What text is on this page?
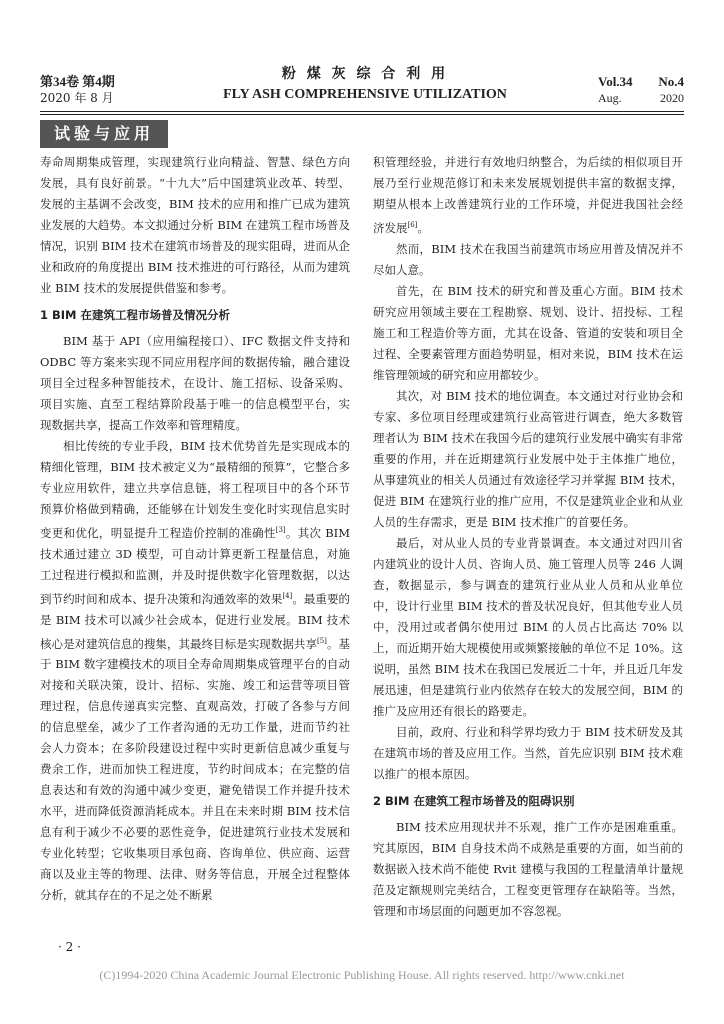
第34卷 第4期
2020 年 8 月
粉 煤 灰 综 合 利 用
FLY ASH COMPREHENSIVE UTILIZATION
Vol.34 No.4
Aug.	2020
试验与应用

寿命周期集成管理，实现建筑行业向精益、智慧、绿色方向发展，具有良好前景。“十九大”后中国建筑业改革、转型、发展的主基调不会改变，BIM 技术的应用和推广已成为建筑业发展的大趋势。本文拟通过分析 BIM 在建筑工程市场普及情况，识别 BIM 技术在建筑市场普及的现实阻碍，进而从企业和政府的角度提出 BIM 技术推进的可行路径，从而为建筑业 BIM 技术的发展提供借鉴和参考。

1 BIM 在建筑工程市场普及情况分析

BIM 基于 API（应用编程接口）、IFC 数据文件支持和 ODBC 等方案来实现不同应用程序间的数据传输，融合建设项目全过程多种智能技术，在设计、施工招标、设备采购、项目实施、直至工程结算阶段基于唯一的信息模型平台，实现数据共享，提高工作效率和管理精度。

相比传统的专业手段，BIM 技术优势首先是实现成本的精细化管理，BIM 技术被定义为“最精细的预算”，它整合多专业应用软件，建立共享信息链，将工程项目中的各个环节预算价格做到精确，还能够在计划发生变化时实现信息实时变更和优化，明显提升工程造价控制的准确性[3]。其次 BIM 技术通过建立 3D 模型，可自动计算更新工程量信息，对施工过程进行模拟和监测，并及时提供数字化管理数据，以达到节约时间和成本、提升决策和沟通效率的效果[4]。最重要的是 BIM 技术可以减少社会成本，促进行业发展。BIM 技术核心是对建筑信息的搜集，其最终目标是实现数据共享[5]。基于 BIM 数字建模技术的项目全寿命周期集成管理平台的自动对接和关联决策，设计、招标、实施、竣工和运营等项目管理过程，信息传递真实完整、直观高效，打破了各参与方间的信息壁垒，减少了工作者沟通的无功工作量，进而节约社会人力资本；在多阶段建设过程中实时更新信息减少重复与费余工作，进而加快工程进度，节约时间成本；在完整的信息表达和有效的沟通中减少变更，避免错误工作并提升技术水平，进而降低资源消耗成本。并且在未来时期 BIM 技术信息有利于减少不必要的恶性竞争，促进建筑行业技术发展和专业化转型；它收集项目承包商、咨询单位、供应商、运营商以及业主等的物理、法律、财务等信息，开展全过程整体分析，就其存在的不足之处不断累

积管理经验，并进行有效地归纳整合，为后续的相似项目开展乃至行业规范修订和未来发展规划提供丰富的数据支撑，期望从根本上改善建筑行业的工作环境，并促进我国社会经济发展[6]。

然而，BIM 技术在我国当前建筑市场应用普及情况并不尽如人意。

首先，在 BIM 技术的研究和普及重心方面。BIM 技术研究应用领域主要在工程勘察、规划、设计、招投标、工程施工和工程造价等方面，尤其在设备、管道的安装和项目全过程、全要素管理方面趋势明显，相对来说，BIM 技术在运维管理领域的研究和应用都较少。

其次，对 BIM 技术的地位调查。本文通过对行业协会和专家、多位项目经理或建筑行业高管进行调查，绝大多数管理者认为 BIM 技术在我国今后的建筑行业发展中确实有非常重要的作用，并在近期建筑行业发展中处于主体推广地位，从事建筑业的相关人员通过有效途径学习并掌握 BIM 技术，促进 BIM 在建筑行业的推广应用，不仅是建筑业企业和从业人员的生存需求，更是 BIM 技术推广的首要任务。

最后，对从业人员的专业背景调查。本文通过对四川省内建筑业的设计人员、咨询人员、施工管理人员等 246 人调查，数据显示，参与调查的建筑行业从业人员和从业单位中，设计行业里 BIM 技术的普及状况良好，但其他专业人员中，没用过或者偶尔使用过 BIM 的人员占比高达 70% 以上，而近期开始大规模使用或频繁接触的单位不足 10%。这说明，虽然 BIM 技术在我国已发展近二十年，并且近几年发展迅速，但是建筑行业内依然存在较大的发展空间，BIM 的推广及应用还有很长的路要走。

目前，政府、行业和科学界均致力于 BIM 技术研发及其在建筑市场的普及应用工作。当然，首先应识别 BIM 技术难以推广的根本原因。

2 BIM 在建筑工程市场普及的阻碍识别

BIM 技术应用现状并不乐观，推广工作亦是困难重重。究其原因，BIM 自身技术尚不成熟是重要的方面，如当前的数据嵌入技术尚不能使 Rvit 建模与我国的工程量清单计量规范及定额规则完美结合，工程变更管理存在缺陷等。当然，管理和市场层面的问题更加不容忽视。

· 2 ·
(C)1994-2020 China Academic Journal Electronic Publishing House. All rights reserved. http://www.cnki.net
